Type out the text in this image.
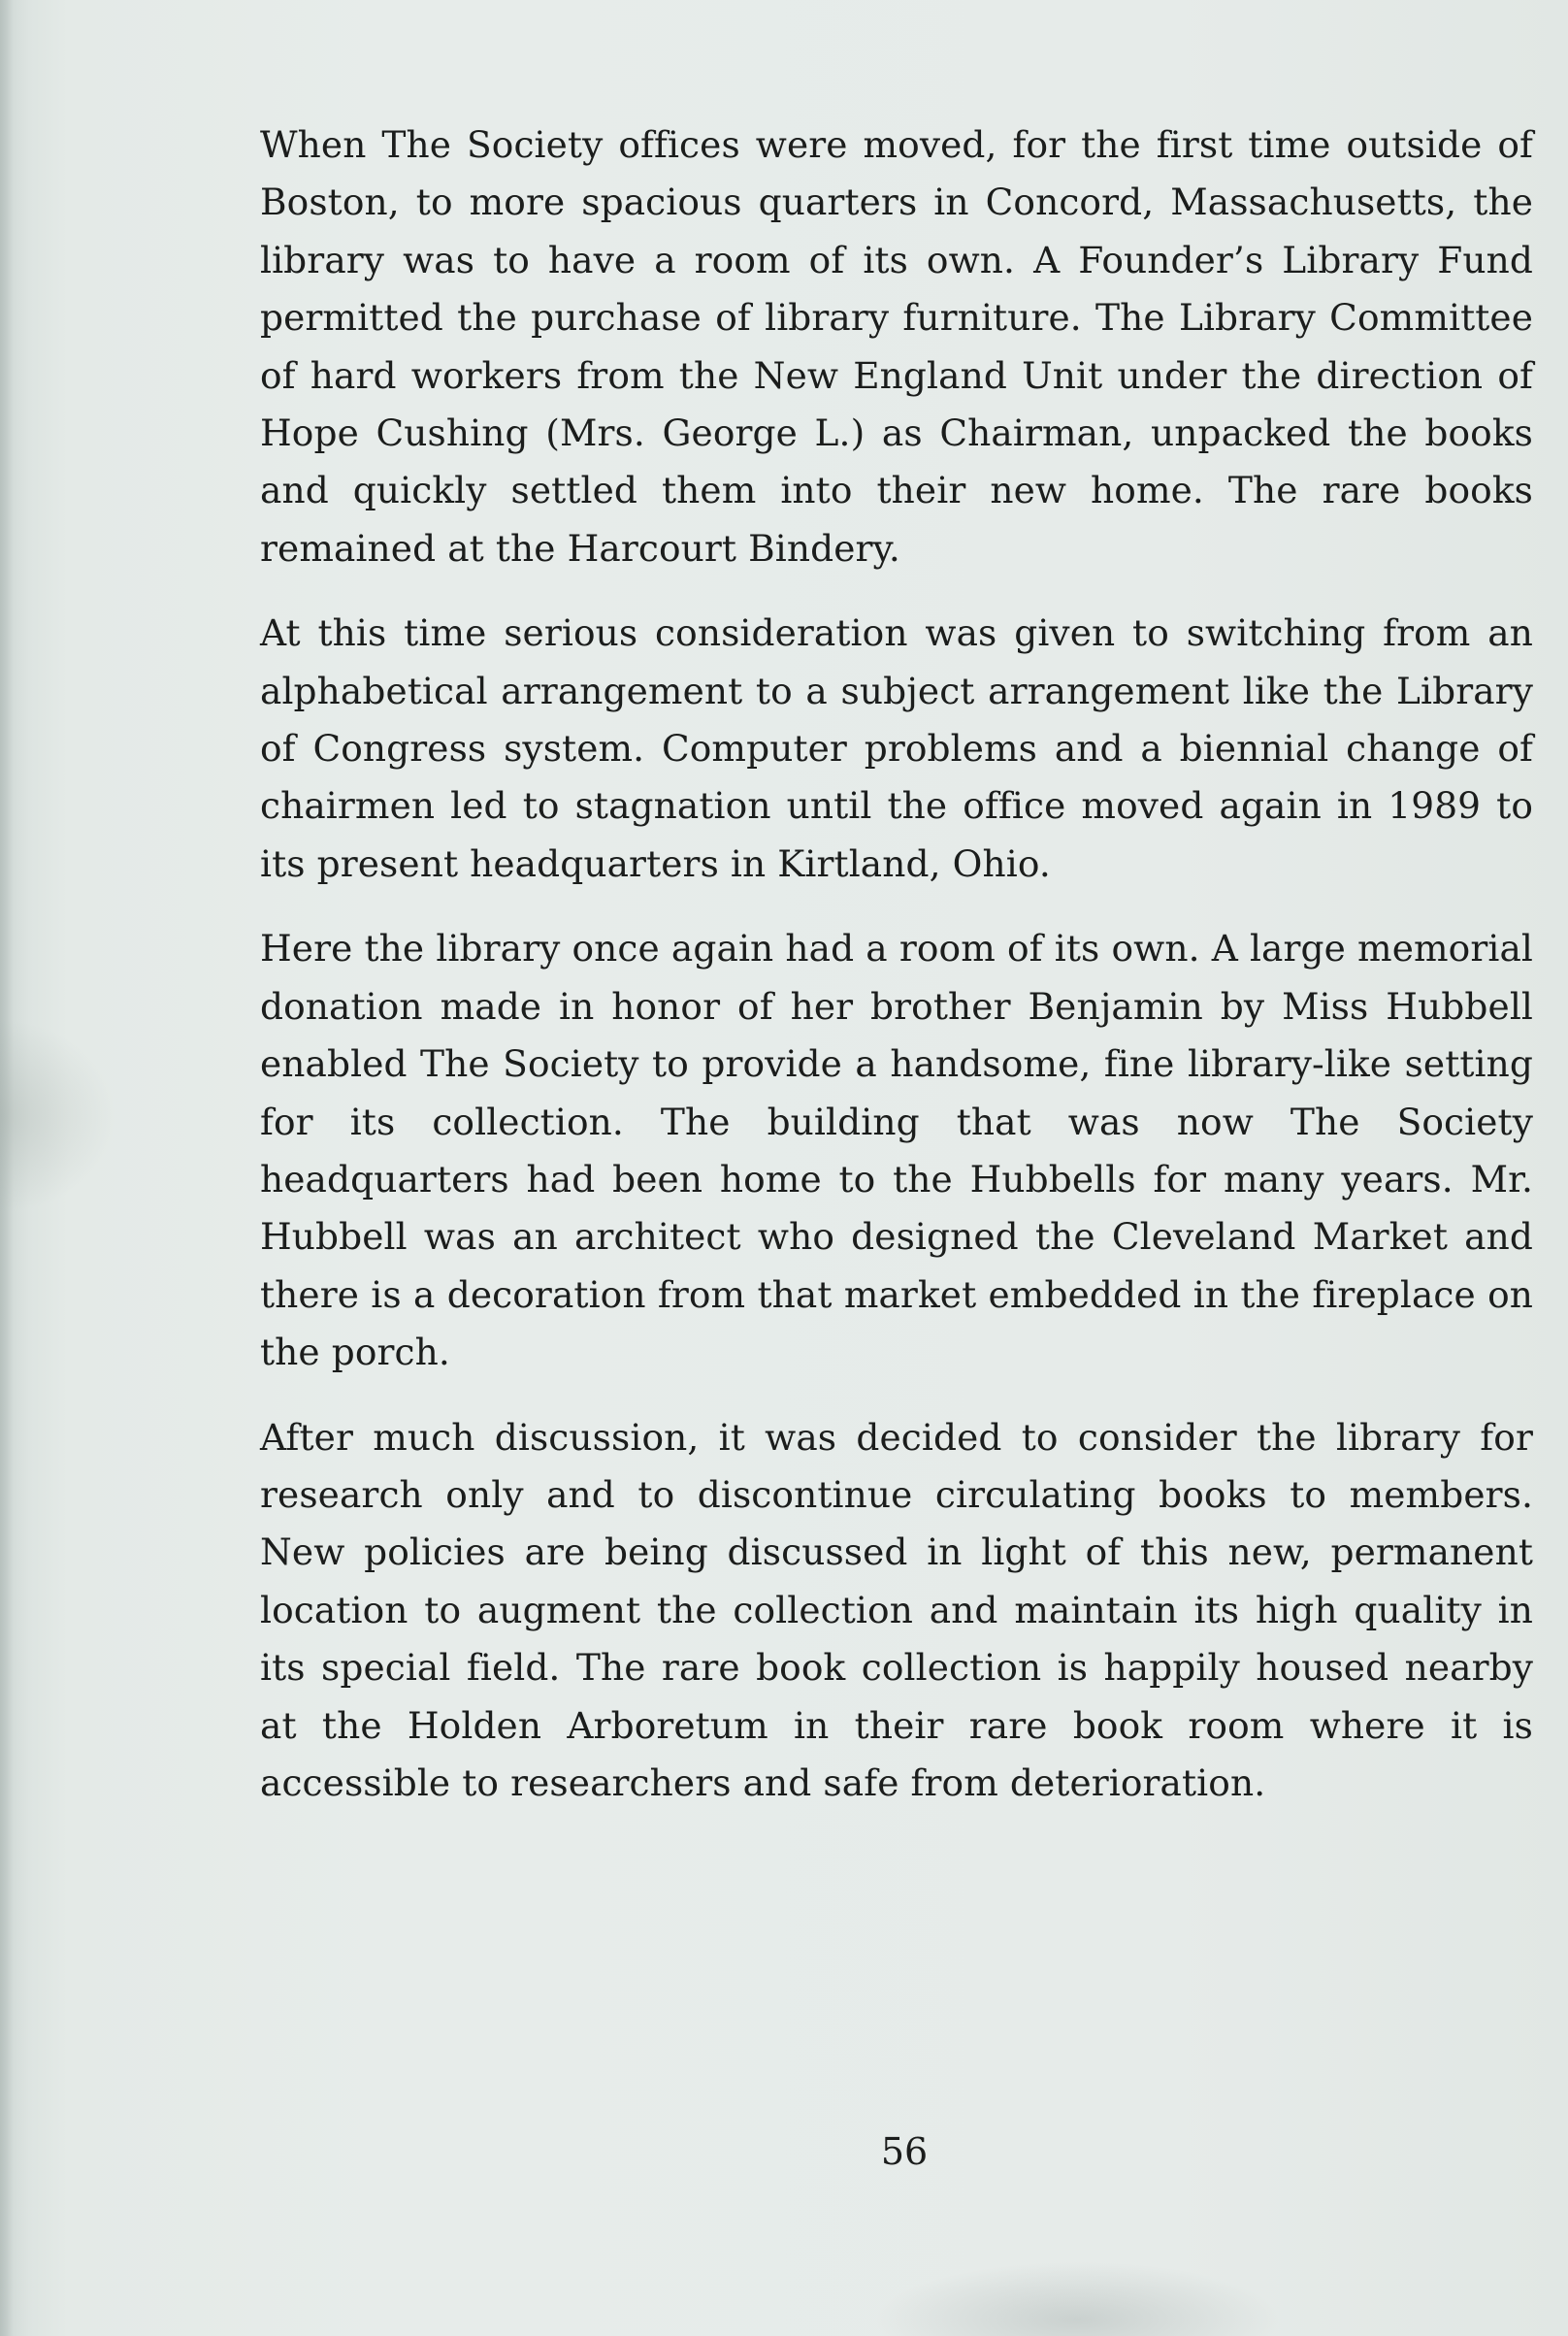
When The Society offices were moved, for the first time outside of Boston, to more spacious quarters in Concord, Massachusetts, the library was to have a room of its own. A Founder’s Library Fund permitted the purchase of library furniture. The Library Committee of hard workers from the New England Unit under the direction of Hope Cushing (Mrs. George L.) as Chairman, unpacked the books and quickly settled them into their new home. The rare books remained at the Harcourt Bindery.

At this time serious consideration was given to switching from an alphabetical arrangement to a subject arrangement like the Library of Congress system. Computer problems and a biennial change of chairmen led to stagnation until the office moved again in 1989 to its present headquarters in Kirtland, Ohio.

Here the library once again had a room of its own. A large memorial donation made in honor of her brother Benjamin by Miss Hubbell enabled The Society to provide a handsome, fine library-like setting for its collection. The building that was now The Society headquarters had been home to the Hubbells for many years. Mr. Hubbell was an architect who designed the Cleveland Market and there is a decoration from that market embedded in the fireplace on the porch.

After much discussion, it was decided to consider the library for research only and to discontinue circulating books to members. New policies are being discussed in light of this new, permanent location to augment the collection and maintain its high quality in its special field. The rare book collection is happily housed nearby at the Holden Arboretum in their rare book room where it is accessible to researchers and safe from deterioration.

56
